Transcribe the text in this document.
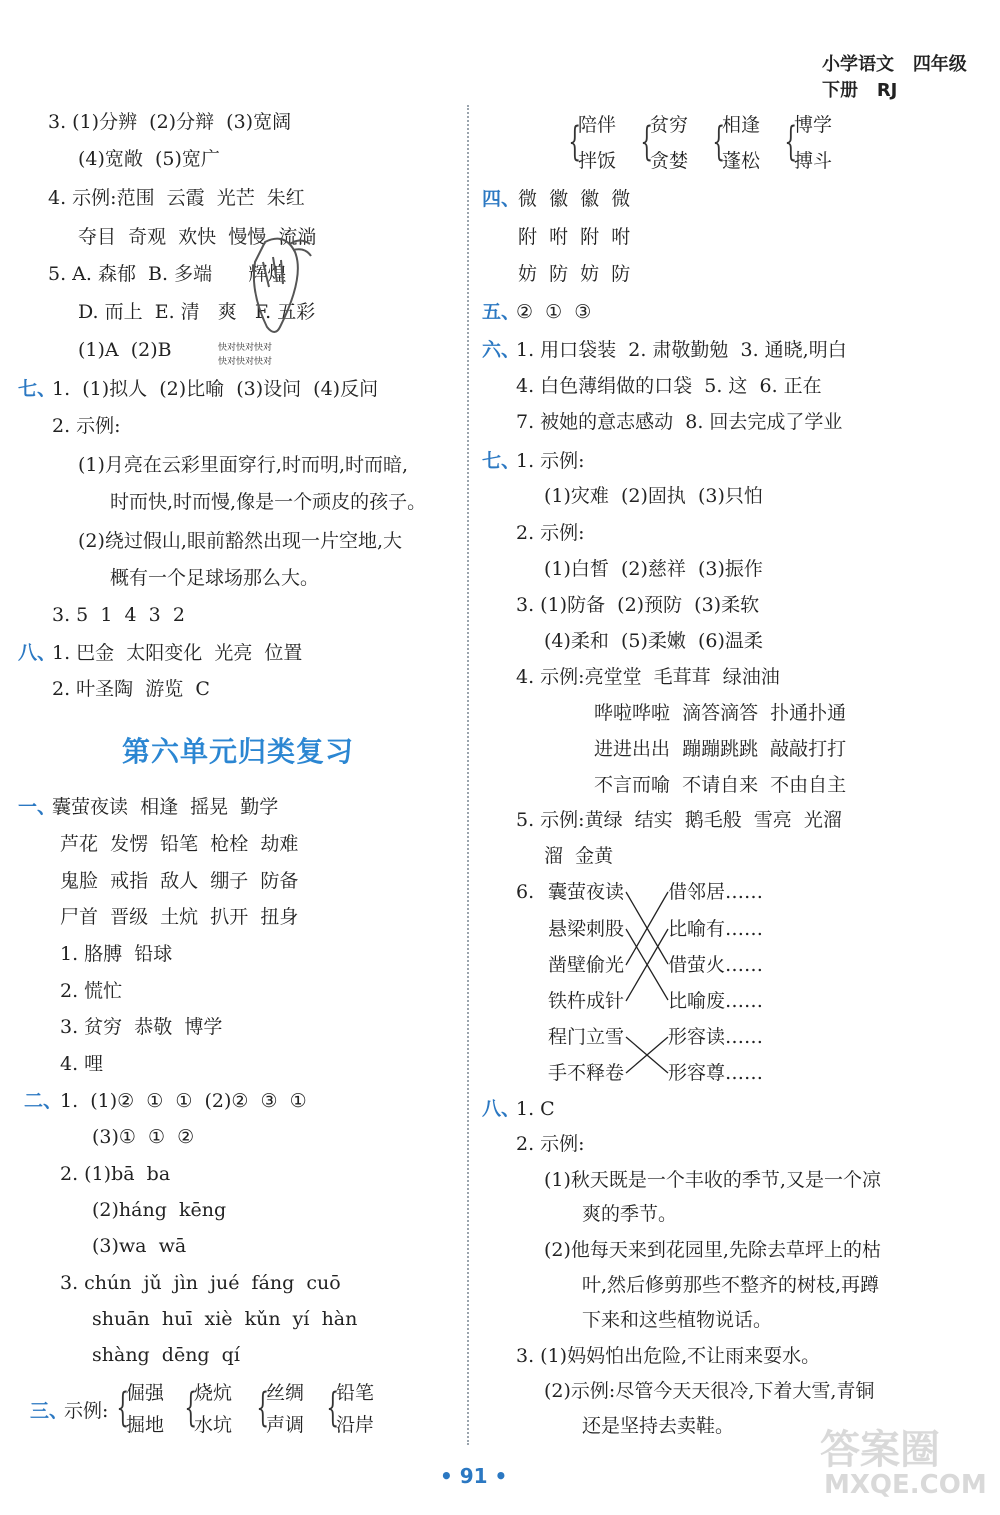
小学语文 四年级   下册 RJ
3. (1)分辨  (2)分辩  (3)宽阔
(4)宽敞  (5)宽广
4. 示例:范围  云霞  光芒  朱红
夺目  奇观  欢快  慢慢  流淌
5. A. 森郁  B. 多端      辉煌
D. 而上  E. 清   爽   F. 五彩
(1)A  (2)B	快对快对快对
快对快对快对
七、
1.  (1)拟人  (2)比喻  (3)设问  (4)反问
2. 示例:
(1)月亮在云彩里面穿行,时而明,时而暗,
时而快,时而慢,像是一个顽皮的孩子。
(2)绕过假山,眼前豁然出现一片空地,大
概有一个足球场那么大。
3. 5  1  4  3  2
八、
1. 巴金  太阳变化  光亮  位置
2. 叶圣陶  游览  C
第六单元归类复习
一、
囊萤夜读  相逢  摇晃  勤学
芦花  发愣  铅笔  枪栓  劫难
鬼脸  戒指  敌人  绷子  防备
尸首  晋级  土炕  扒开  扭身
1. 胳膊  铅球
2. 慌忙
3. 贫穷  恭敬  博学
4. 哩
二、
1.  (1)②  ①  ①  (2)②  ③  ①
(3)①  ①  ②
2. (1)bā  ba
(2)háng  kēng
(3)wa  wā
3. chún  jǔ  jìn  jué  fáng  cuō
shuān  huī  xiè  kǔn  yí  hàn
shàng  dēng  qí
三、
示例: {
倔强
掘地 {
烧炕
水坑 {
丝绸
声调 {
铅笔
沿岸
{
陪伴
拌饭 {
贫穷
贪婪 {
相逢
蓬松 {
博学
搏斗
四、
微  徽  徽  微
附  咐  附  咐
妨  防  妨  防
五、
②  ①  ③
六、
1. 用口袋装  2. 肃敬勤勉  3. 通晓,明白
4. 白色薄绢做的口袋  5. 这  6. 正在
7. 被她的意志感动  8. 回去完成了学业
七、
1. 示例:
(1)灾难  (2)固执  (3)只怕
2. 示例:
(1)白皙  (2)慈祥  (3)振作
3. (1)防备  (2)预防  (3)柔软
(4)柔和  (5)柔嫩  (6)温柔
4. 示例:亮堂堂  毛茸茸  绿油油
哗啦哗啦  滴答滴答  扑通扑通
进进出出  蹦蹦跳跳  敲敲打打
不言而喻  不请自来  不由自主
5. 示例:黄绿  结实  鹅毛般  雪亮  光溜
溜  金黄
6. 囊萤夜读
悬梁刺股
凿壁偷光
铁杵成针
程门立雪
手不释卷
借邻居……
比喻有……
借萤火……
比喻废……
形容读……
形容尊……
八、
1. C
2. 示例:
(1)秋天既是一个丰收的季节,又是一个凉
爽的季节。
(2)他每天来到花园里,先除去草坪上的枯
叶,然后修剪那些不整齐的树枝,再蹲
下来和这些植物说话。
3. (1)妈妈怕出危险,不让雨来耍水。
(2)示例:尽管今天天很冷,下着大雪,青铜
还是坚持去卖鞋。
• 91 •
答案圈
MXQE.COM
